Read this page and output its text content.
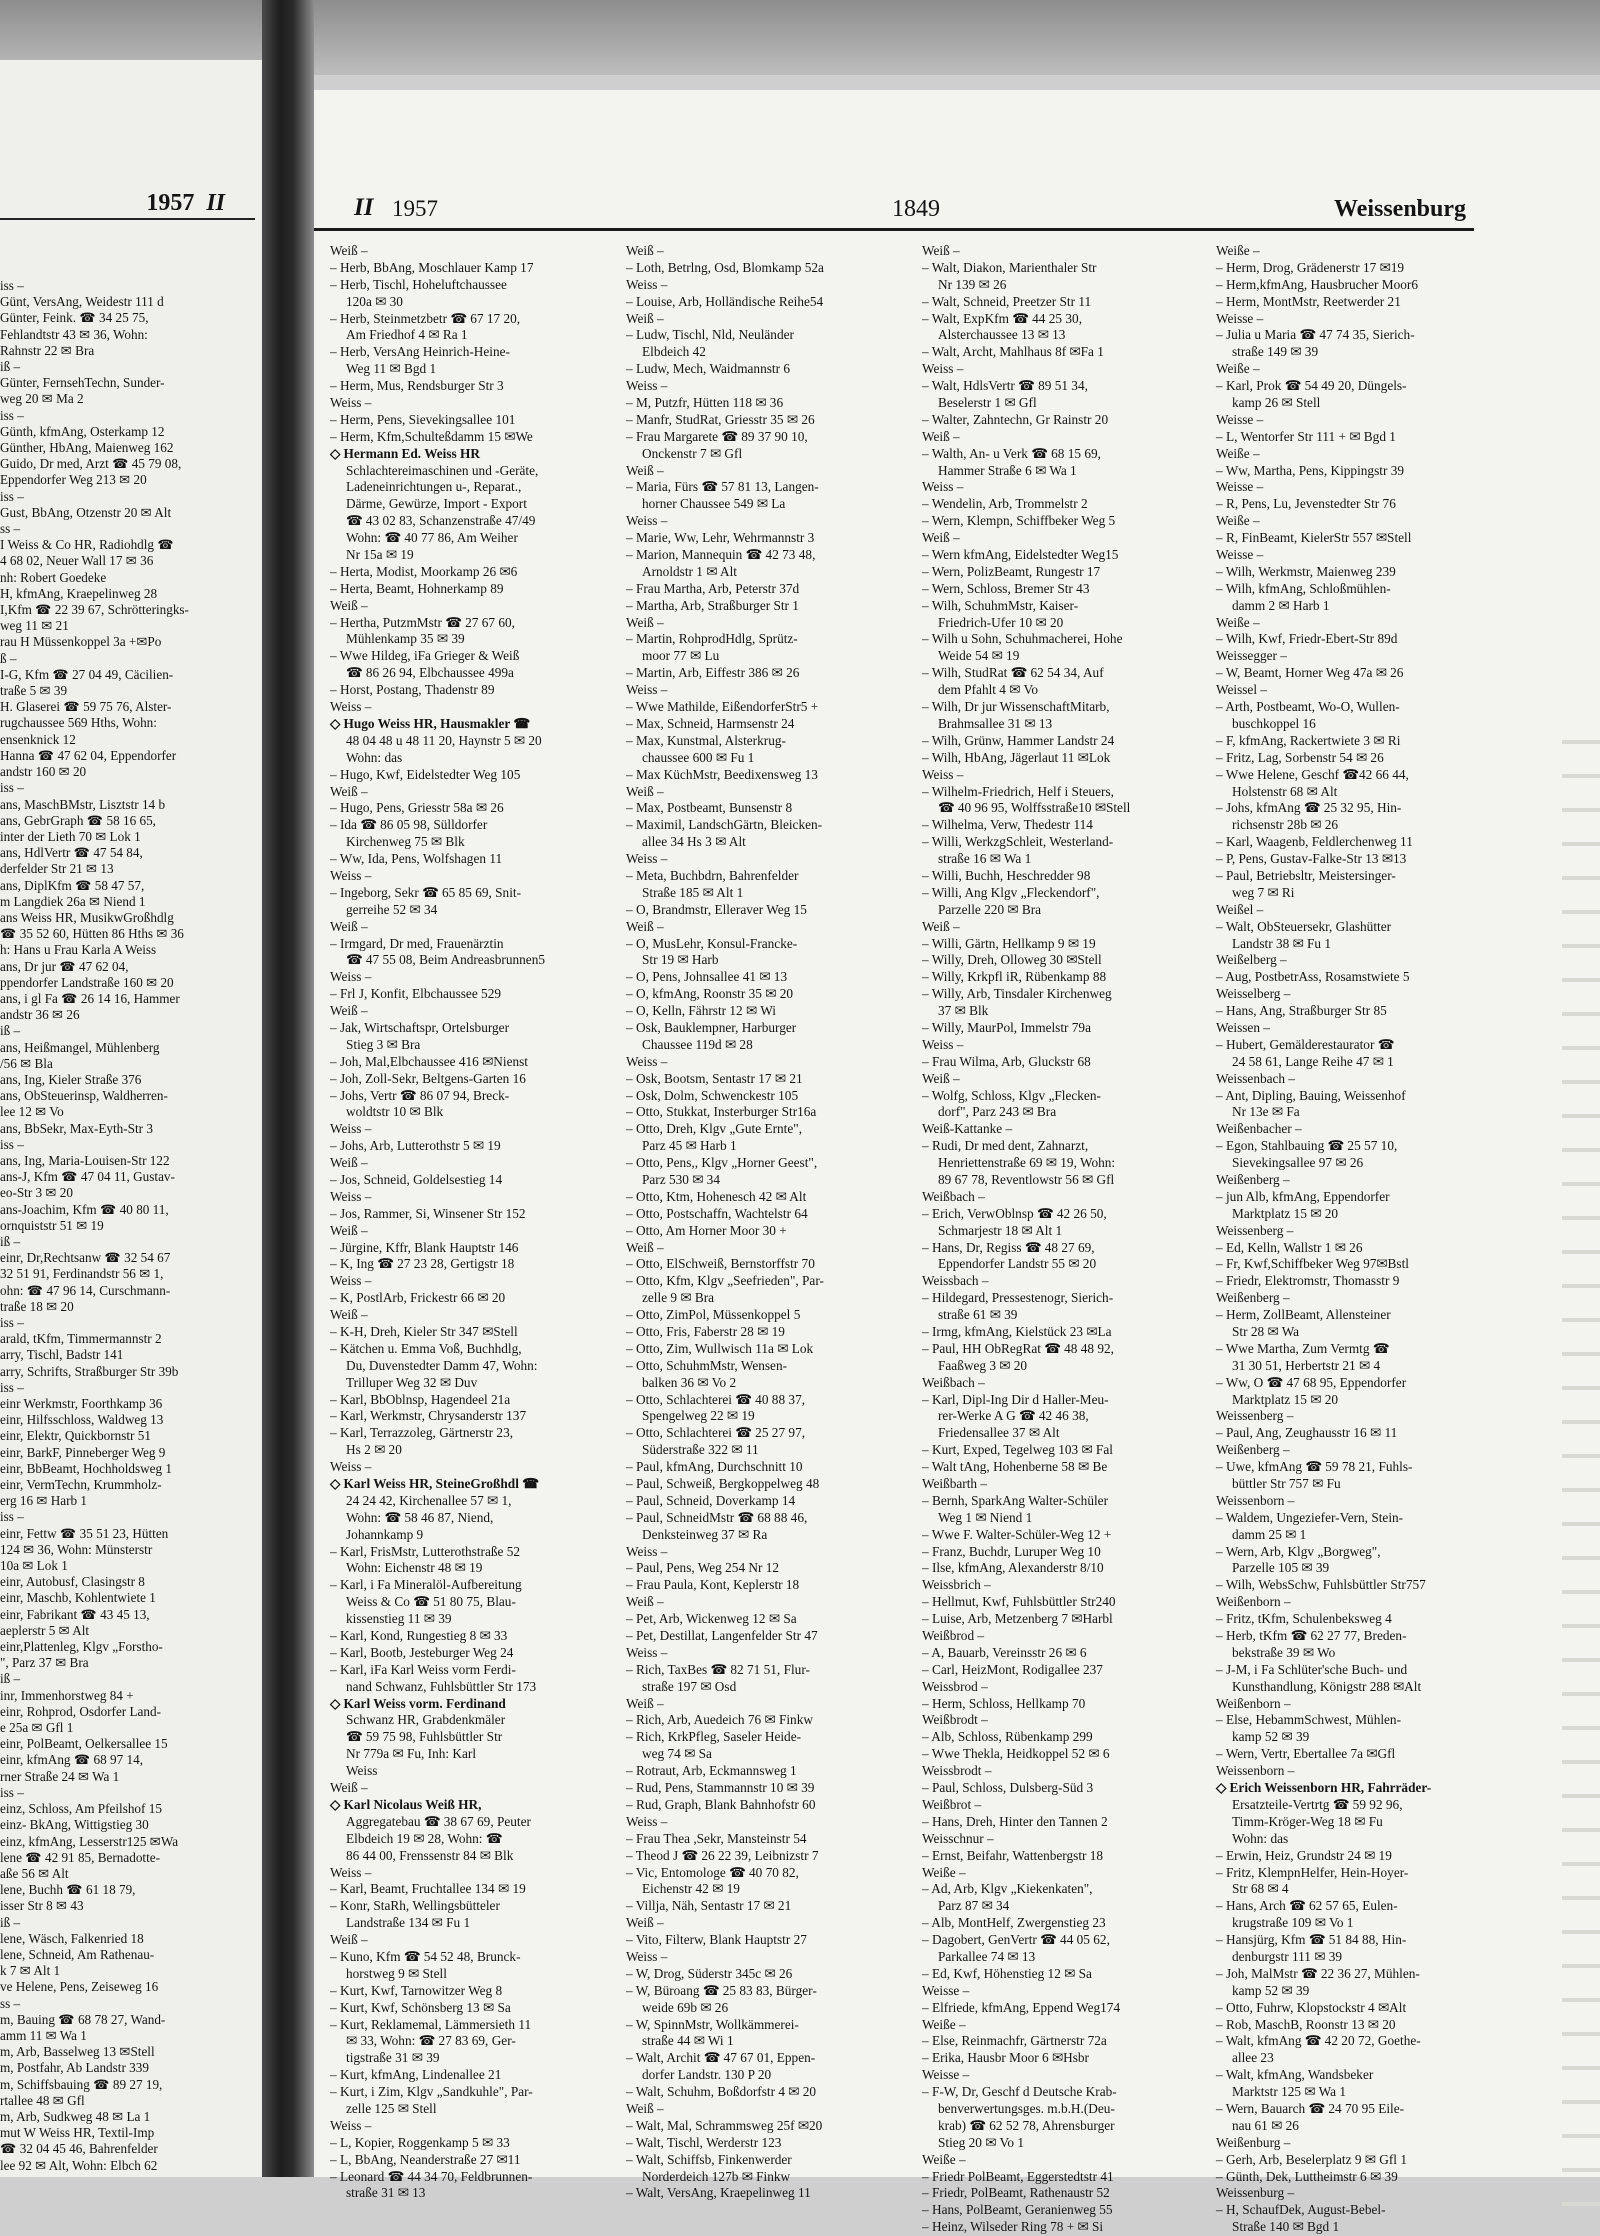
1957 II
iss –
Günt, VersAng, Weidestr 111 d
Günter, Feink. ☎ 34 25 75,
Fehlandtstr 43 ✉ 36, Wohn:
Rahnstr 22 ✉ Bra
iß –
Günter, FernsehTechn, Sunder-
weg 20 ✉ Ma 2
iss –
Günth, kfmAng, Osterkamp 12
Günther, HbAng, Maienweg 162
Guido, Dr med, Arzt ☎ 45 79 08,
Eppendorfer Weg 213 ✉ 20
iss –
Gust, BbAng, Otzenstr 20 ✉ Alt
ss –
I Weiss & Co HR, Radiohdlg ☎
4 68 02, Neuer Wall 17 ✉ 36
nh: Robert Goedeke
H, kfmAng, Kraepelinweg 28
I,Kfm ☎ 22 39 67, Schrötteringks-
weg 11 ✉ 21
rau H Müssenkoppel 3a +✉Po
ß –
I-G, Kfm ☎ 27 04 49, Cäcilien-
traße 5 ✉ 39
H. Glaserei ☎ 59 75 76, Alster-
rugchaussee 569 Hths, Wohn:
ensenknick 12
Hanna ☎ 47 62 04, Eppendorfer
andstr 160 ✉ 20
iss –
ans, MaschBMstr, Lisztstr 14 b
ans, GebrGraph ☎ 58 16 65,
inter der Lieth 70 ✉ Lok 1
ans, HdlVertr ☎ 47 54 84,
derfelder Str 21 ✉ 13
ans, DiplKfm ☎ 58 47 57,
m Langdiek 26a ✉ Niend 1
ans Weiss HR, MusikwGroßhdlg
☎ 35 52 60, Hütten 86 Hths ✉ 36
h: Hans u Frau Karla A Weiss
ans, Dr jur ☎ 47 62 04,
ppendorfer Landstraße 160 ✉ 20
ans, i gl Fa ☎ 26 14 16, Hammer
andstr 36 ✉ 26
iß –
ans, Heißmangel, Mühlenberg
/56 ✉ Bla
ans, Ing, Kieler Straße 376
ans, ObSteuerinsp, Waldherren-
lee 12 ✉ Vo
ans, BbSekr, Max-Eyth-Str 3
iss –
ans, Ing, Maria-Louisen-Str 122
ans-J, Kfm ☎ 47 04 11, Gustav-
eo-Str 3 ✉ 20
ans-Joachim, Kfm ☎ 40 80 11,
ornquiststr 51 ✉ 19
iß –
einr, Dr,Rechtsanw ☎ 32 54 67
32 51 91, Ferdinandstr 56 ✉ 1,
ohn: ☎ 47 96 14, Curschmann-
traße 18 ✉ 20
iss –
arald, tKfm, Timmermannstr 2
arry, Tischl, Badstr 141
arry, Schrifts, Straßburger Str 39b
iss –
einr Werkmstr, Foorthkamp 36
einr, Hilfsschloss, Waldweg 13
einr, Elektr, Quickbornstr 51
einr, BarkF, Pinneberger Weg 9
einr, BbBeamt, Hochholdsweg 1
einr, VermTechn, Krummholz-
erg 16 ✉ Harb 1
iss –
einr, Fettw ☎ 35 51 23, Hütten
124 ✉ 36, Wohn: Münsterstr
10a ✉ Lok 1
einr, Autobusf, Clasingstr 8
einr, Maschb, Kohlentwiete 1
einr, Fabrikant ☎ 43 45 13,
aeplerstr 5 ✉ Alt
einr,Plattenleg, Klgv „Forstho-
", Parz 37 ✉ Bra
iß –
inr, Immenhorstweg 84 +
einr, Rohprod, Osdorfer Land-
e 25a ✉ Gfl 1
einr, PolBeamt, Oelkersallee 15
einr, kfmAng ☎ 68 97 14,
rner Straße 24 ✉ Wa 1
iss –
einz, Schloss, Am Pfeilshof 15
einz- BkAng, Wittigstieg 30
einz, kfmAng, Lesserstr125 ✉Wa
lene ☎ 42 91 85, Bernadotte-
aße 56 ✉ Alt
lene, Buchh ☎ 61 18 79,
isser Str 8 ✉ 43
iß –
lene, Wäsch, Falkenried 18
lene, Schneid, Am Rathenau-
k 7 ✉ Alt 1
ve Helene, Pens, Zeiseweg 16
ss –
m, Bauing ☎ 68 78 27, Wand-
amm 11 ✉ Wa 1
m, Arb, Basselweg 13 ✉Stell
m, Postfahr, Ab Landstr 339
m, Schiffsbauing ☎ 89 27 19,
rtallee 48 ✉ Gfl
m, Arb, Sudkweg 48 ✉ La 1
mut W Weiss HR, Textil-Imp
☎ 32 04 45 46, Bahrenfelder
lee 92 ✉ Alt, Wohn: Elbch 62
II 1957	1849	Weissenburg
Weiß –
– Herb, BbAng, Moschlauer Kamp 17
– Herb, Tischl, Hoheluftchaussee
120a ✉ 30
– Herb, Steinmetzbetr ☎ 67 17 20,
Am Friedhof 4 ✉ Ra 1
– Herb, VersAng Heinrich-Heine-
Weg 11 ✉ Bgd 1
– Herm, Mus, Rendsburger Str 3
Weiss –
– Herm, Pens, Sievekingsallee 101
– Herm, Kfm,Schulteßdamm 15 ✉We
◇ Hermann Ed. Weiss HR
Schlachtereimaschinen und -Geräte,
Ladeneinrichtungen u-, Reparat.,
Därme, Gewürze, Import - Export
☎ 43 02 83, Schanzenstraße 47/49
Wohn: ☎ 40 77 86, Am Weiher
Nr 15a ✉ 19
– Herta, Modist, Moorkamp 26 ✉6
– Herta, Beamt, Hohnerkamp 89
Weiß –
– Hertha, PutzmMstr ☎ 27 67 60,
Mühlenkamp 35 ✉ 39
– Wwe Hildeg, iFa Grieger & Weiß
☎ 86 26 94, Elbchaussee 499a
– Horst, Postang, Thadenstr 89
Weiss –
◇ Hugo Weiss HR, Hausmakler ☎
48 04 48 u 48 11 20, Haynstr 5 ✉ 20
Wohn: das
– Hugo, Kwf, Eidelstedter Weg 105
Weiß –
– Hugo, Pens, Griesstr 58a ✉ 26
– Ida ☎ 86 05 98, Sülldorfer
Kirchenweg 75 ✉ Blk
– Ww, Ida, Pens, Wolfshagen 11
Weiss –
– Ingeborg, Sekr ☎ 65 85 69, Snit-
gerreihe 52 ✉ 34
Weiß –
– Irmgard, Dr med, Frauenärztin
☎ 47 55 08, Beim Andreasbrunnen5
Weiss –
– Frl J, Konfit, Elbchaussee 529
Weiß –
– Jak, Wirtschaftspr, Ortelsburger
Stieg 3 ✉ Bra
– Joh, Mal,Elbchaussee 416 ✉Nienst
– Joh, Zoll-Sekr, Beltgens-Garten 16
– Johs, Vertr ☎ 86 07 94, Breck-
woldtstr 10 ✉ Blk
Weiss –
– Johs, Arb, Lutterothstr 5 ✉ 19
Weiß –
– Jos, Schneid, Goldelsestieg 14
Weiss –
– Jos, Rammer, Si, Winsener Str 152
Weiß –
– Jürgine, Kffr, Blank Hauptstr 146
– K, Ing ☎ 27 23 28, Gertigstr 18
Weiss –
– K, PostlArb, Frickestr 66 ✉ 20
Weiß –
– K-H, Dreh, Kieler Str 347 ✉Stell
– Kätchen u. Emma Voß, Buchhdlg,
Du, Duvenstedter Damm 47, Wohn:
Trilluper Weg 32 ✉ Duv
– Karl, BbOblnsp, Hagendeel 21a
– Karl, Werkmstr, Chrysanderstr 137
– Karl, Terrazzoleg, Gärtnerstr 23,
Hs 2 ✉ 20
Weiss –
◇ Karl Weiss HR, SteineGroßhdl ☎
24 24 42, Kirchenallee 57 ✉ 1,
Wohn: ☎ 58 46 87, Niend,
Johannkamp 9
– Karl, FrisMstr, Lutterothstraße 52
Wohn: Eichenstr 48 ✉ 19
– Karl, i Fa Mineralöl-Aufbereitung
Weiss & Co ☎ 51 80 75, Blau-
kissenstieg 11 ✉ 39
– Karl, Kond, Rungestieg 8 ✉ 33
– Karl, Bootb, Jesteburger Weg 24
– Karl, iFa Karl Weiss vorm Ferdi-
nand Schwanz, Fuhlsbüttler Str 173
◇ Karl Weiss vorm. Ferdinand
Schwanz HR, Grabdenkmäler
☎ 59 75 98, Fuhlsbüttler Str
Nr 779a ✉ Fu, Inh: Karl
Weiss
Weiß –
◇ Karl Nicolaus Weiß HR,
Aggregatebau ☎ 38 67 69, Peuter
Elbdeich 19 ✉ 28, Wohn: ☎
86 44 00, Frenssenstr 84 ✉ Blk
Weiss –
– Karl, Beamt, Fruchtallee 134 ✉ 19
– Konr, StaRh, Wellingsbütteler
Landstraße 134 ✉ Fu 1
Weiß –
– Kuno, Kfm ☎ 54 52 48, Brunck-
horstweg 9 ✉ Stell
– Kurt, Kwf, Tarnowitzer Weg 8
– Kurt, Kwf, Schönsberg 13 ✉ Sa
– Kurt, Reklamemal, Lämmersieth 11
✉ 33, Wohn: ☎ 27 83 69, Ger-
tigstraße 31 ✉ 39
– Kurt, kfmAng, Lindenallee 21
– Kurt, i Zim, Klgv „Sandkuhle", Par-
zelle 125 ✉ Stell
Weiss –
– L, Kopier, Roggenkamp 5 ✉ 33
– L, BbAng, Neanderstraße 27 ✉11
– Leonard ☎ 44 34 70, Feldbrunnen-
straße 31 ✉ 13
Weiß –
– Loth, Betrlng, Osd, Blomkamp 52a
Weiss –
– Louise, Arb, Holländische Reihe54
Weiß –
– Ludw, Tischl, Nld, Neuländer
Elbdeich 42
– Ludw, Mech, Waidmannstr 6
Weiss –
– M, Putzfr, Hütten 118 ✉ 36
– Manfr, StudRat, Griesstr 35 ✉ 26
– Frau Margarete ☎ 89 37 90 10,
Onckenstr 7 ✉ Gfl
Weiß –
– Maria, Fürs ☎ 57 81 13, Langen-
horner Chaussee 549 ✉ La
Weiss –
– Marie, Ww, Lehr, Wehrmannstr 3
– Marion, Mannequin ☎ 42 73 48,
Arnoldstr 1 ✉ Alt
– Frau Martha, Arb, Peterstr 37d
– Martha, Arb, Straßburger Str 1
Weiß –
– Martin, RohprodHdlg, Sprütz-
moor 77 ✉ Lu
– Martin, Arb, Eiffestr 386 ✉ 26
Weiss –
– Wwe Mathilde, EißendorferStr5 +
– Max, Schneid, Harmsenstr 24
– Max, Kunstmal, Alsterkrug-
chaussee 600 ✉ Fu 1
– Max KüchMstr, Beedixensweg 13
Weiß –
– Max, Postbeamt, Bunsenstr 8
– Maximil, LandschGärtn, Bleicken-
allee 34 Hs 3 ✉ Alt
Weiss –
– Meta, Buchbdrn, Bahrenfelder
Straße 185 ✉ Alt 1
– O, Brandmstr, Elleraver Weg 15
Weiß –
– O, MusLehr, Konsul-Francke-
Str 19 ✉ Harb
– O, Pens, Johnsallee 41 ✉ 13
– O, kfmAng, Roonstr 35 ✉ 20
– O, Kelln, Fährstr 12 ✉ Wi
– Osk, Bauklempner, Harburger
Chaussee 119d ✉ 28
Weiss –
– Osk, Bootsm, Sentastr 17 ✉ 21
– Osk, Dolm, Schwenckestr 105
– Otto, Stukkat, Insterburger Str16a
– Otto, Dreh, Klgv „Gute Ernte",
Parz 45 ✉ Harb 1
– Otto, Pens,, Klgv „Horner Geest",
Parz 530 ✉ 34
– Otto, Ktm, Hohenesch 42 ✉ Alt
– Otto, Postschaffn, Wachtelstr 64
– Otto, Am Horner Moor 30 +
Weiß –
– Otto, ElSchweiß, Bernstorffstr 70
– Otto, Kfm, Klgv „Seefrieden", Par-
zelle 9 ✉ Bra
– Otto, ZimPol, Müssenkoppel 5
– Otto, Fris, Faberstr 28 ✉ 19
– Otto, Zim, Wullwisch 11a ✉ Lok
– Otto, SchuhmMstr, Wensen-
balken 36 ✉ Vo 2
– Otto, Schlachterei ☎ 40 88 37,
Spengelweg 22 ✉ 19
– Otto, Schlachterei ☎ 25 27 97,
Süderstraße 322 ✉ 11
– Paul, kfmAng, Durchschnitt 10
– Paul, Schweiß, Bergkoppelweg 48
– Paul, Schneid, Doverkamp 14
– Paul, SchneidMstr ☎ 68 88 46,
Denksteinweg 37 ✉ Ra
Weiss –
– Paul, Pens, Weg 254 Nr 12
– Frau Paula, Kont, Keplerstr 18
Weiß –
– Pet, Arb, Wickenweg 12 ✉ Sa
– Pet, Destillat, Langenfelder Str 47
Weiss –
– Rich, TaxBes ☎ 82 71 51, Flur-
straße 197 ✉ Osd
Weiß –
– Rich, Arb, Auedeich 76 ✉ Finkw
– Rich, KrkPfleg, Saseler Heide-
weg 74 ✉ Sa
– Rotraut, Arb, Eckmannsweg 1
– Rud, Pens, Stammannstr 10 ✉ 39
– Rud, Graph, Blank Bahnhofstr 60
Weiss –
– Frau Thea ,Sekr, Mansteinstr 54
– Theod J ☎ 26 22 39, Leibnizstr 7
– Vic, Entomologe ☎ 40 70 82,
Eichenstr 42 ✉ 19
– Villja, Näh, Sentastr 17 ✉ 21
Weiß –
– Vito, Filterw, Blank Hauptstr 27
Weiss –
– W, Drog, Süderstr 345c ✉ 26
– W, Büroang ☎ 25 83 83, Bürger-
weide 69b ✉ 26
– W, SpinnMstr, Wollkämmerei-
straße 44 ✉ Wi 1
– Walt, Archit ☎ 47 67 01, Eppen-
dorfer Landstr. 130 P 20
– Walt, Schuhm, Boßdorfstr 4 ✉ 20
Weiß –
– Walt, Mal, Schrammsweg 25f ✉20
– Walt, Tischl, Werderstr 123
– Walt, Schiffsb, Finkenwerder
Norderdeich 127b ✉ Finkw
– Walt, VersAng, Kraepelinweg 11
Weiß –
– Walt, Diakon, Marienthaler Str
Nr 139 ✉ 26
– Walt, Schneid, Preetzer Str 11
– Walt, ExpKfm ☎ 44 25 30,
Alsterchaussee 13 ✉ 13
– Walt, Archt, Mahlhaus 8f ✉Fa 1
Weiss –
– Walt, HdlsVertr ☎ 89 51 34,
Beselerstr 1 ✉ Gfl
– Walter, Zahntechn, Gr Rainstr 20
Weiß –
– Walth, An- u Verk ☎ 68 15 69,
Hammer Straße 6 ✉ Wa 1
Weiss –
– Wendelin, Arb, Trommelstr 2
– Wern, Klempn, Schiffbeker Weg 5
Weiß –
– Wern kfmAng, Eidelstedter Weg15
– Wern, PolizBeamt, Rungestr 17
– Wern, Schloss, Bremer Str 43
– Wilh, SchuhmMstr, Kaiser-
Friedrich-Ufer 10 ✉ 20
– Wilh u Sohn, Schuhmacherei, Hohe
Weide 54 ✉ 19
– Wilh, StudRat ☎ 62 54 34, Auf
dem Pfahlt 4 ✉ Vo
– Wilh, Dr jur WissenschaftMitarb,
Brahmsallee 31 ✉ 13
– Wilh, Grünw, Hammer Landstr 24
– Wilh, HbAng, Jägerlaut 11 ✉Lok
Weiss –
– Wilhelm-Friedrich, Helf i Steuers,
☎ 40 96 95, Wolffsstraße10 ✉Stell
– Wilhelma, Verw, Thedestr 114
– Willi, WerkzgSchleit, Westerland-
straße 16 ✉ Wa 1
– Willi, Buchh, Heschredder 98
– Willi, Ang Klgv „Fleckendorf",
Parzelle 220 ✉ Bra
Weiß –
– Willi, Gärtn, Hellkamp 9 ✉ 19
– Willy, Dreh, Olloweg 30 ✉Stell
– Willy, Krkpfl iR, Rübenkamp 88
– Willy, Arb, Tinsdaler Kirchenweg
37 ✉ Blk
– Willy, MaurPol, Immelstr 79a
Weiss –
– Frau Wilma, Arb, Gluckstr 68
Weiß –
– Wolfg, Schloss, Klgv „Flecken-
dorf", Parz 243 ✉ Bra
Weiß-Kattanke –
– Rudi, Dr med dent, Zahnarzt,
Henriettenstraße 69 ✉ 19, Wohn:
89 67 78, Reventlowstr 56 ✉ Gfl
Weißbach –
– Erich, VerwOblnsp ☎ 42 26 50,
Schmarjestr 18 ✉ Alt 1
– Hans, Dr, Regiss ☎ 48 27 69,
Eppendorfer Landstr 55 ✉ 20
Weissbach –
– Hildegard, Pressestenogr, Sierich-
straße 61 ✉ 39
– Irmg, kfmAng, Kielstück 23 ✉La
– Paul, HH ObRegRat ☎ 48 48 92,
Faaßweg 3 ✉ 20
Weißbach –
– Karl, Dipl-Ing Dir d Haller-Meu-
rer-Werke A G ☎ 42 46 38,
Friedensallee 37 ✉ Alt
– Kurt, Exped, Tegelweg 103 ✉ Fal
– Walt tAng, Hohenberne 58 ✉ Be
Weißbarth –
– Bernh, SparkAng Walter-Schüler
Weg 1 ✉ Niend 1
– Wwe F. Walter-Schüler-Weg 12 +
– Franz, Buchdr, Luruper Weg 10
– Ilse, kfmAng, Alexanderstr 8/10
Weissbrich –
– Hellmut, Kwf, Fuhlsbüttler Str240
– Luise, Arb, Metzenberg 7 ✉Harbl
Weißbrod –
– A, Bauarb, Vereinsstr 26 ✉ 6
– Carl, HeizMont, Rodigallee 237
Weissbrod –
– Herm, Schloss, Hellkamp 70
Weißbrodt –
– Alb, Schloss, Rübenkamp 299
– Wwe Thekla, Heidkoppel 52 ✉ 6
Weissbrodt –
– Paul, Schloss, Dulsberg-Süd 3
Weißbrot –
– Hans, Dreh, Hinter den Tannen 2
Weisschnur –
– Ernst, Beifahr, Wattenbergstr 18
Weiße –
– Ad, Arb, Klgv „Kiekenkaten",
Parz 87 ✉ 34
– Alb, MontHelf, Zwergenstieg 23
– Dagobert, GenVertr ☎ 44 05 62,
Parkallee 74 ✉ 13
– Ed, Kwf, Höhenstieg 12 ✉ Sa
Weisse –
– Elfriede, kfmAng, Eppend Weg174
Weiße –
– Else, Reinmachfr, Gärtnerstr 72a
– Erika, Hausbr Moor 6 ✉Hsbr
Weisse –
– F-W, Dr, Geschf d Deutsche Krab-
benverwertungsges. m.b.H.(Deu-
krab) ☎ 62 52 78, Ahrensburger
Stieg 20 ✉ Vo 1
Weiße –
– Friedr PolBeamt, Eggerstedtstr 41
– Friedr, PolBeamt, Rathenaustr 52
– Hans, PolBeamt, Geranienweg 55
– Heinz, Wilseder Ring 78 + ✉ Si
Weiße –
– Herm, Drog, Grädenerstr 17 ✉19
– Herm,kfmAng, Hausbrucher Moor6
– Herm, MontMstr, Reetwerder 21
Weisse –
– Julia u Maria ☎ 47 74 35, Sierich-
straße 149 ✉ 39
Weiße –
– Karl, Prok ☎ 54 49 20, Düngels-
kamp 26 ✉ Stell
Weisse –
– L, Wentorfer Str 111 + ✉ Bgd 1
Weiße –
– Ww, Martha, Pens, Kippingstr 39
Weisse –
– R, Pens, Lu, Jevenstedter Str 76
Weiße –
– R, FinBeamt, KielerStr 557 ✉Stell
Weisse –
– Wilh, Werkmstr, Maienweg 239
– Wilh, kfmAng, Schloßmühlen-
damm 2 ✉ Harb 1
Weiße –
– Wilh, Kwf, Friedr-Ebert-Str 89d
Weissegger –
– W, Beamt, Horner Weg 47a ✉ 26
Weissel –
– Arth, Postbeamt, Wo-O, Wullen-
buschkoppel 16
– F, kfmAng, Rackertwiete 3 ✉ Ri
– Fritz, Lag, Sorbenstr 54 ✉ 26
– Wwe Helene, Geschf ☎42 66 44,
Holstenstr 68 ✉ Alt
– Johs, kfmAng ☎ 25 32 95, Hin-
richsenstr 28b ✉ 26
– Karl, Waagenb, Feldlerchenweg 11
– P, Pens, Gustav-Falke-Str 13 ✉13
– Paul, Betriebsltr, Meistersinger-
weg 7 ✉ Ri
Weißel –
– Walt, ObSteuersekr, Glashütter
Landstr 38 ✉ Fu 1
Weißelberg –
– Aug, PostbetrAss, Rosamstwiete 5
Weisselberg –
– Hans, Ang, Straßburger Str 85
Weissen –
– Hubert, Gemälderestaurator ☎
24 58 61, Lange Reihe 47 ✉ 1
Weissenbach –
– Ant, Dipling, Bauing, Weissenhof
Nr 13e ✉ Fa
Weißenbacher –
– Egon, Stahlbauing ☎ 25 57 10,
Sievekingsallee 97 ✉ 26
Weißenberg –
– jun Alb, kfmAng, Eppendorfer
Marktplatz 15 ✉ 20
Weissenberg –
– Ed, Kelln, Wallstr 1 ✉ 26
– Fr, Kwf,Schiffbeker Weg 97✉Bstl
– Friedr, Elektromstr, Thomasstr 9
Weißenberg –
– Herm, ZollBeamt, Allensteiner
Str 28 ✉ Wa
– Wwe Martha, Zum Vermtg ☎
31 30 51, Herbertstr 21 ✉ 4
– Ww, O ☎ 47 68 95, Eppendorfer
Marktplatz 15 ✉ 20
Weissenberg –
– Paul, Ang, Zeughausstr 16 ✉ 11
Weißenberg –
– Uwe, kfmAng ☎ 59 78 21, Fuhls-
büttler Str 757 ✉ Fu
Weissenborn –
– Waldem, Ungeziefer-Vern, Stein-
damm 25 ✉ 1
– Wern, Arb, Klgv „Borgweg",
Parzelle 105 ✉ 39
– Wilh, WebsSchw, Fuhlsbüttler Str757
Weißenborn –
– Fritz, tKfm, Schulenbeksweg 4
– Herb, tKfm ☎ 62 27 77, Breden-
bekstraße 39 ✉ Wo
– J-M, i Fa Schlüter'sche Buch- und
Kunsthandlung, Königstr 288 ✉Alt
Weißenborn –
– Else, HebammSchwest, Mühlen-
kamp 52 ✉ 39
– Wern, Vertr, Ebertallee 7a ✉Gfl
Weissenborn –
◇ Erich Weissenborn HR, Fahrräder-
Ersatzteile-Vertrtg ☎ 59 92 96,
Timm-Kröger-Weg 18 ✉ Fu
Wohn: das
– Erwin, Heiz, Grundstr 24 ✉ 19
– Fritz, KlempnHelfer, Hein-Hoyer-
Str 68 ✉ 4
– Hans, Arch ☎ 62 57 65, Eulen-
krugstraße 109 ✉ Vo 1
– Hansjürg, Kfm ☎ 51 84 88, Hin-
denburgstr 111 ✉ 39
– Joh, MalMstr ☎ 22 36 27, Mühlen-
kamp 52 ✉ 39
– Otto, Fuhrw, Klopstockstr 4 ✉Alt
– Rob, MaschB, Roonstr 13 ✉ 20
– Walt, kfmAng ☎ 42 20 72, Goethe-
allee 23
– Walt, kfmAng, Wandsbeker
Marktstr 125 ✉ Wa 1
– Wern, Bauarch ☎ 24 70 95 Eile-
nau 61 ✉ 26
Weißenburg –
– Gerh, Arb, Beselerplatz 9 ✉ Gfl 1
– Günth, Dek, Luttheimstr 6 ✉ 39
Weissenburg –
– H, SchaufDek, August-Bebel-
Straße 140 ✉ Bgd 1
